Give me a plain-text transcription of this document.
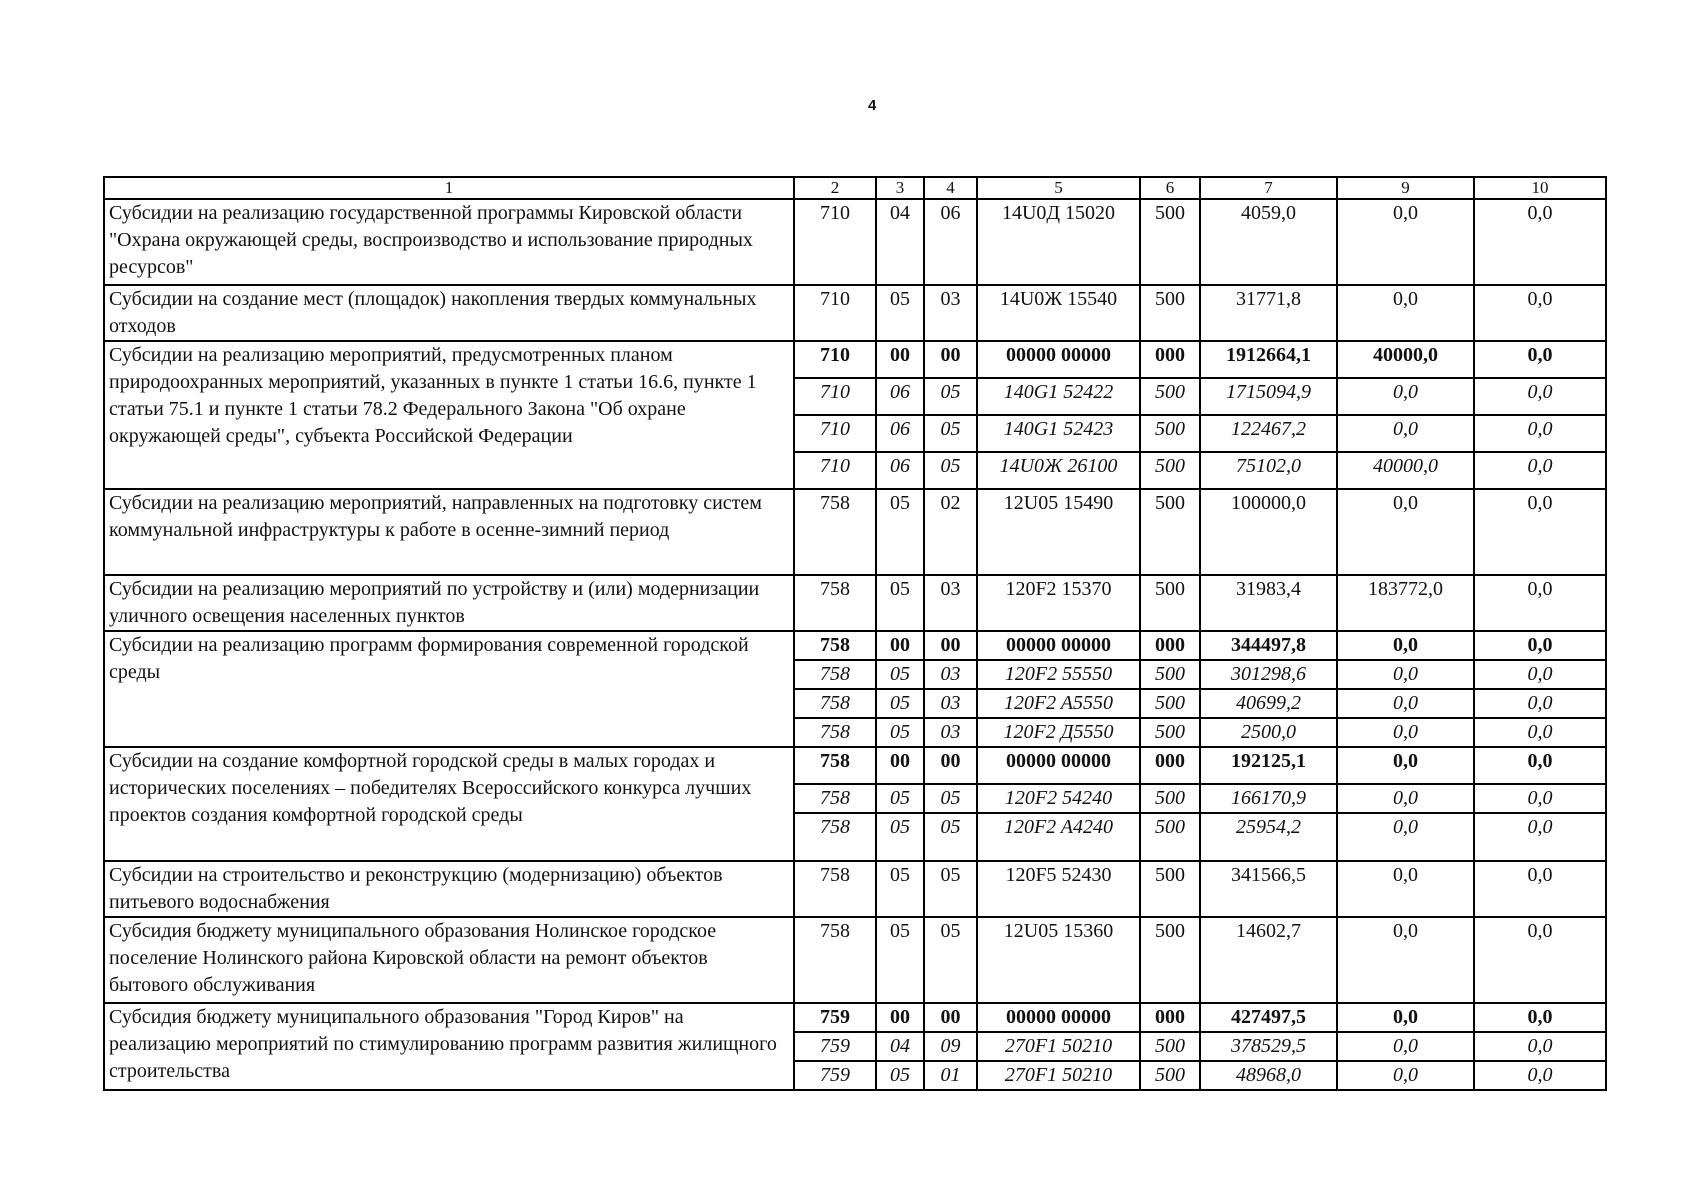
4
1	2	3	4	5	6	7	9	10
Субсидии на реализацию государственной программы Кировской области "Охрана окружающей среды, воспроизводство и использование природных ресурсов"	710	04	06	14U0Д 15020	500	4059,0	0,0	0,0
Субсидии на создание мест (площадок) накопления твердых коммунальных отходов	710	05	03	14U0Ж 15540	500	31771,8	0,0	0,0
Субсидии на реализацию мероприятий, предусмотренных планом природоохранных мероприятий, указанных в пункте 1 статьи 16.6, пункте 1 статьи 75.1 и пункте 1 статьи 78.2 Федерального Закона "Об охране окружающей среды", субъекта Российской Федерации	710	00	00	00000 00000	000	1912664,1	40000,0	0,0
	710	06	05	140G1 52422	500	1715094,9	0,0	0,0
	710	06	05	140G1 52423	500	122467,2	0,0	0,0
	710	06	05	14U0Ж 26100	500	75102,0	40000,0	0,0
Субсидии на реализацию мероприятий, направленных на подготовку систем коммунальной инфраструктуры к работе в осенне-зимний период	758	05	02	12U05 15490	500	100000,0	0,0	0,0
Субсидии на реализацию мероприятий по устройству и (или) модернизации уличного освещения населенных пунктов	758	05	03	120F2 15370	500	31983,4	183772,0	0,0
Субсидии на реализацию программ формирования современной городской среды	758	00	00	00000 00000	000	344497,8	0,0	0,0
	758	05	03	120F2 55550	500	301298,6	0,0	0,0
	758	05	03	120F2 A5550	500	40699,2	0,0	0,0
	758	05	03	120F2 Д5550	500	2500,0	0,0	0,0
Субсидии на создание комфортной городской среды в малых городах и исторических поселениях – победителях Всероссийского конкурса лучших проектов создания комфортной городской среды	758	00	00	00000 00000	000	192125,1	0,0	0,0
	758	05	05	120F2 54240	500	166170,9	0,0	0,0
	758	05	05	120F2 A4240	500	25954,2	0,0	0,0
Субсидии на строительство и реконструкцию (модернизацию) объектов питьевого водоснабжения	758	05	05	120F5 52430	500	341566,5	0,0	0,0
Субсидия бюджету муниципального образования Нолинское городское поселение Нолинского района Кировской области на ремонт объектов бытового обслуживания	758	05	05	12U05 15360	500	14602,7	0,0	0,0
Субсидия бюджету муниципального образования "Город Киров" на реализацию мероприятий по стимулированию программ развития жилищного строительства	759	00	00	00000 00000	000	427497,5	0,0	0,0
	759	04	09	270F1 50210	500	378529,5	0,0	0,0
	759	05	01	270F1 50210	500	48968,0	0,0	0,0
